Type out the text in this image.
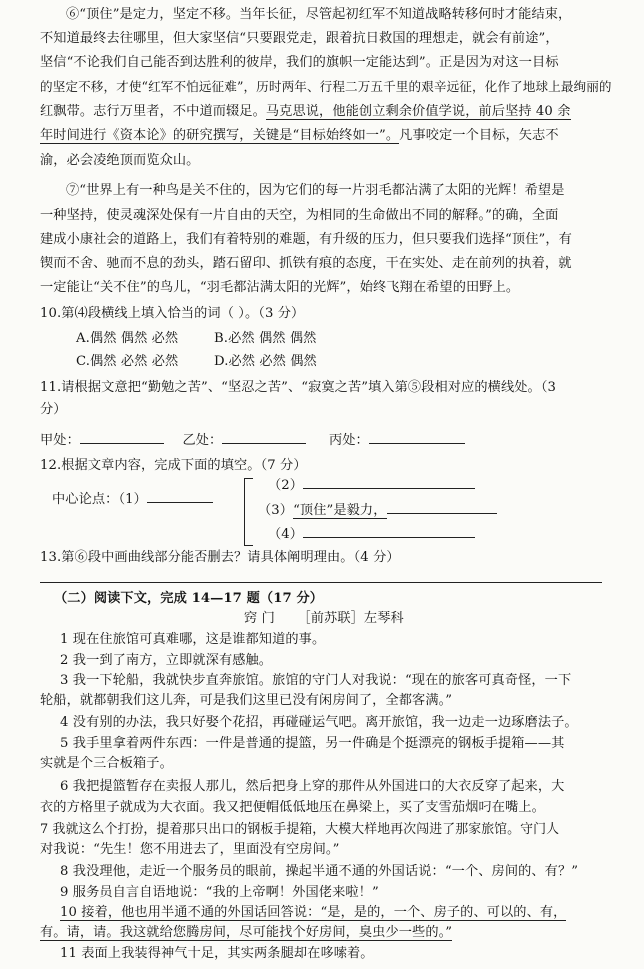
⑥“顶住”是定力，坚定不移。当年长征，尽管起初红军不知道战略转移何时才能结束，
不知道最终去往哪里，但大家坚信“只要跟党走，跟着抗日救国的理想走，就会有前途”，
坚信“不论我们自己能否到达胜利的彼岸，我们的旗帜一定能达到”。正是因为对这一目标
的坚定不移，才使“红军不怕远征难”，历时两年、行程二万五千里的艰辛远征，化作了地球上最绚丽的
红飘带。志行万里者，不中道而辍足。马克思说，他能创立剩余价值学说，前后坚持 40 余
年时间进行《资本论》的研究撰写，关键是“目标始终如一”。凡事咬定一个目标，矢志不
渝，必会凌绝顶而览众山。
⑦“世界上有一种鸟是关不住的，因为它们的每一片羽毛都沾满了太阳的光辉！希望是
一种坚持，使灵魂深处保有一片自由的天空，为相同的生命做出不同的解释。”的确，全面
建成小康社会的道路上，我们有着特别的难题，有升级的压力，但只要我们选择“顶住”，有
锲而不舍、驰而不息的劲头，踏石留印、抓铁有痕的态度，干在实处、走在前列的执着，就
一定能让“关不住”的鸟儿，“羽毛都沾满太阳的光辉”，始终飞翔在希望的田野上。
10.第⑷段横线上填入恰当的词（ ）。（3 分）
A.偶然 偶然 必然	B.必然 偶然 偶然
C.偶然 必然 必然	D.必然 必然 偶然
11.请根据文意把“勤勉之苦”、“坚忍之苦”、“寂寞之苦”填入第⑤段相对应的横线处。（3
分）
甲处：	乙处：	丙处：
12.根据文章内容，完成下面的填空。（7 分）
中心论点：（1）
（2）
（3）“顶住”是毅力，
（4）
13.第⑥段中画曲线部分能否删去？请具体阐明理由。（4 分）
（二）阅读下文，完成 14—17 题（17 分）
窍 门 ［前苏联］左琴科
1 现在住旅馆可真难哪，这是谁都知道的事。
2 我一到了南方，立即就深有感触。
3 我一下轮船，我就快步直奔旅馆。旅馆的守门人对我说：“现在的旅客可真奇怪，一下
轮船，就都朝我们这儿奔，可是我们这里已没有闲房间了，全都客满。”
4 没有别的办法，我只好娶个花招，再碰碰运气吧。离开旅馆，我一边走一边琢磨法子。
5 我手里拿着两件东西：一件是普通的提篮，另一件确是个挺漂亮的钢板手提箱——其
实就是个三合板箱子。
6 我把提篮暂存在卖报人那儿，然后把身上穿的那件从外国进口的大衣反穿了起来，大
衣的方格里子就成为大衣面。我又把便帽低低地压在鼻梁上，买了支雪茄烟叼在嘴上。
7 我就这么个打扮，提着那只出口的钢板手提箱，大模大样地再次闯进了那家旅馆。守门人
对我说：“先生！您不用进去了，里面没有空房间。”
8 我没理他，走近一个服务员的眼前，操起半通不通的外国话说：“一个、房间的、有？”
9 服务员自言自语地说：“我的上帝啊！外国佬来啦！”
10 接着，他也用半通不通的外国话回答说：“是，是的，一个、房子的、可以的、有，
有。请，请。我这就给您腾房间，尽可能找个好房间，臭虫少一些的。”
11 表面上我装得神气十足，其实两条腿却在哆嗦着。
